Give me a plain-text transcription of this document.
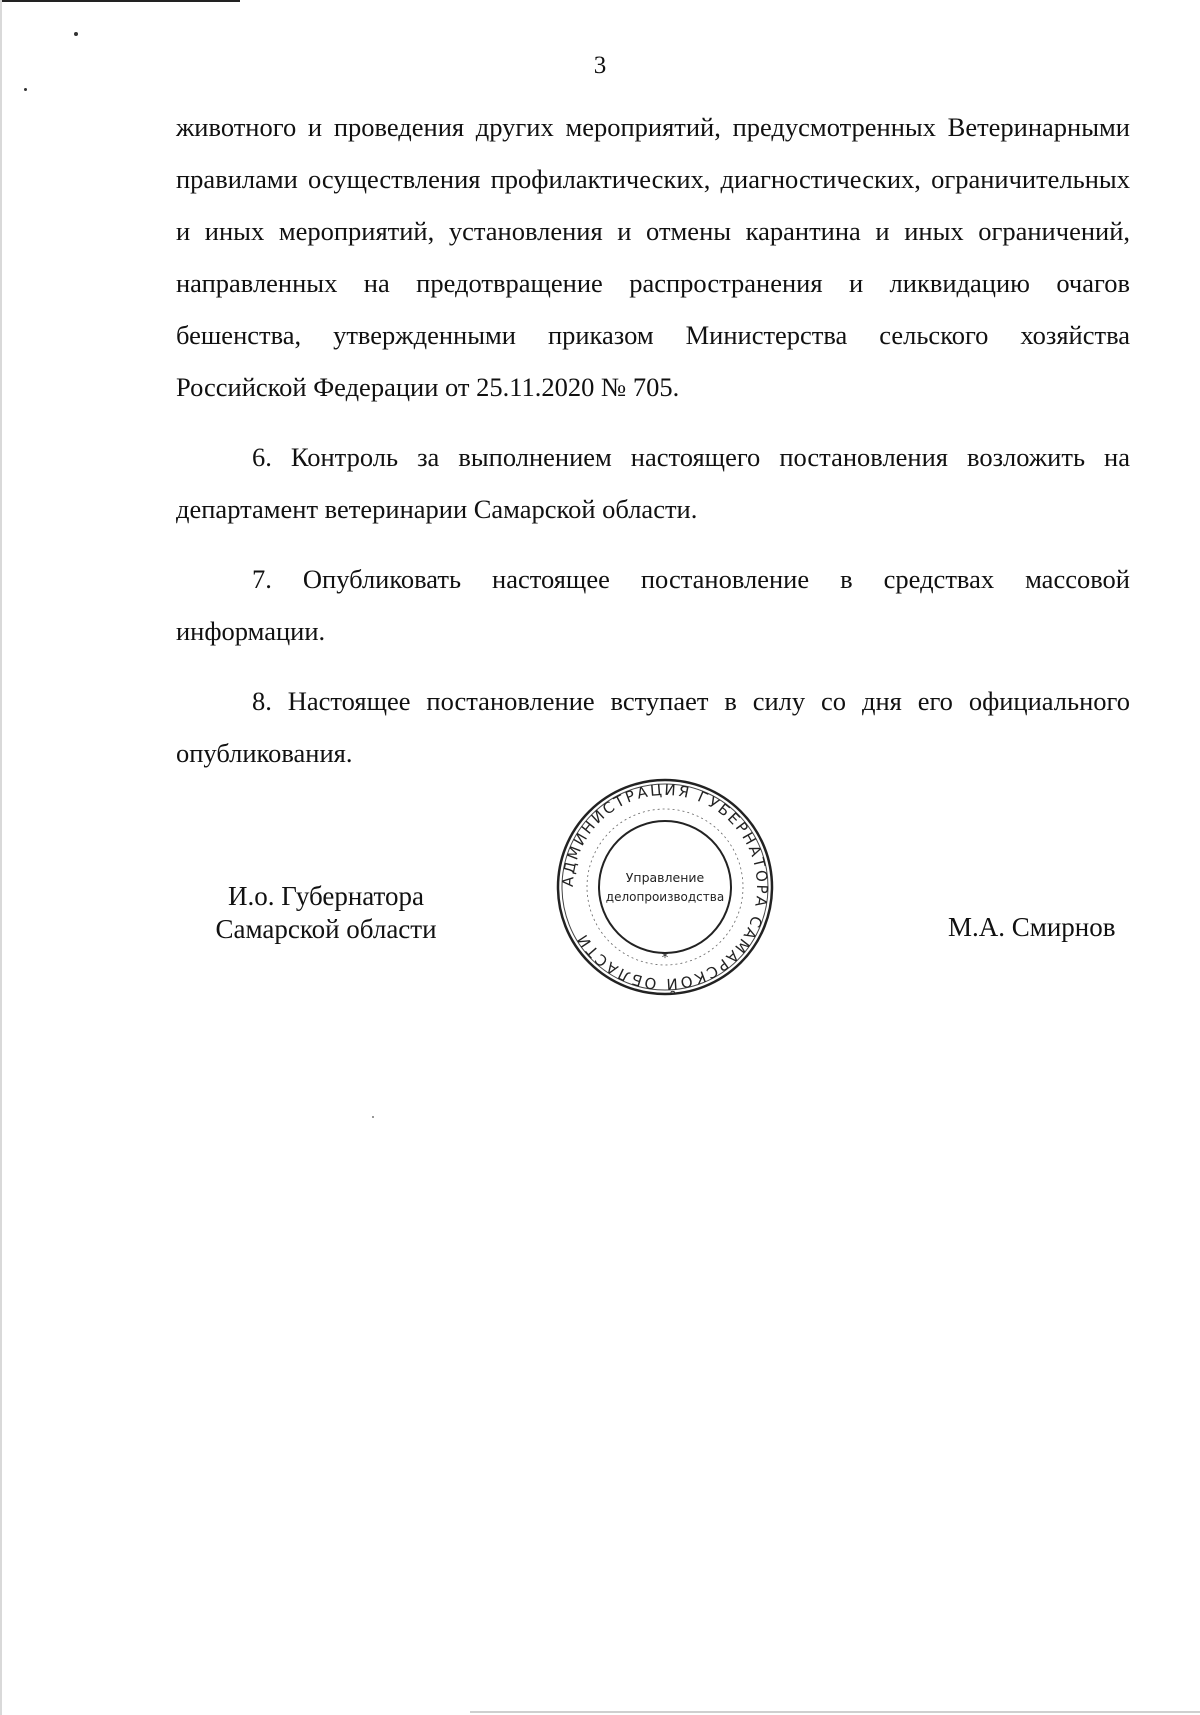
3

животного и проведения других мероприятий, предусмотренных Ветеринарными правилами осуществления профилактических, диагностических, ограничительных и иных мероприятий, установления и отмены карантина и иных ограничений, направленных на предотвращение распространения и ликвидацию очагов бешенства, утвержденными приказом Министерства сельского хозяйства Российской Федерации от 25.11.2020 № 705.

6. Контроль за выполнением настоящего постановления возложить на департамент ветеринарии Самарской области.

7. Опубликовать настоящее постановление в средствах массовой информации.

8. Настоящее постановление вступает в силу со дня его официального опубликования.

И.о. Губернатора
Самарской области
АДМИНИСТРАЦИЯ ГУБЕРНАТОРА САМАРСКОЙ ОБЛАСТИ
*
Управление
делопроизводства
М.А. Смирнов
